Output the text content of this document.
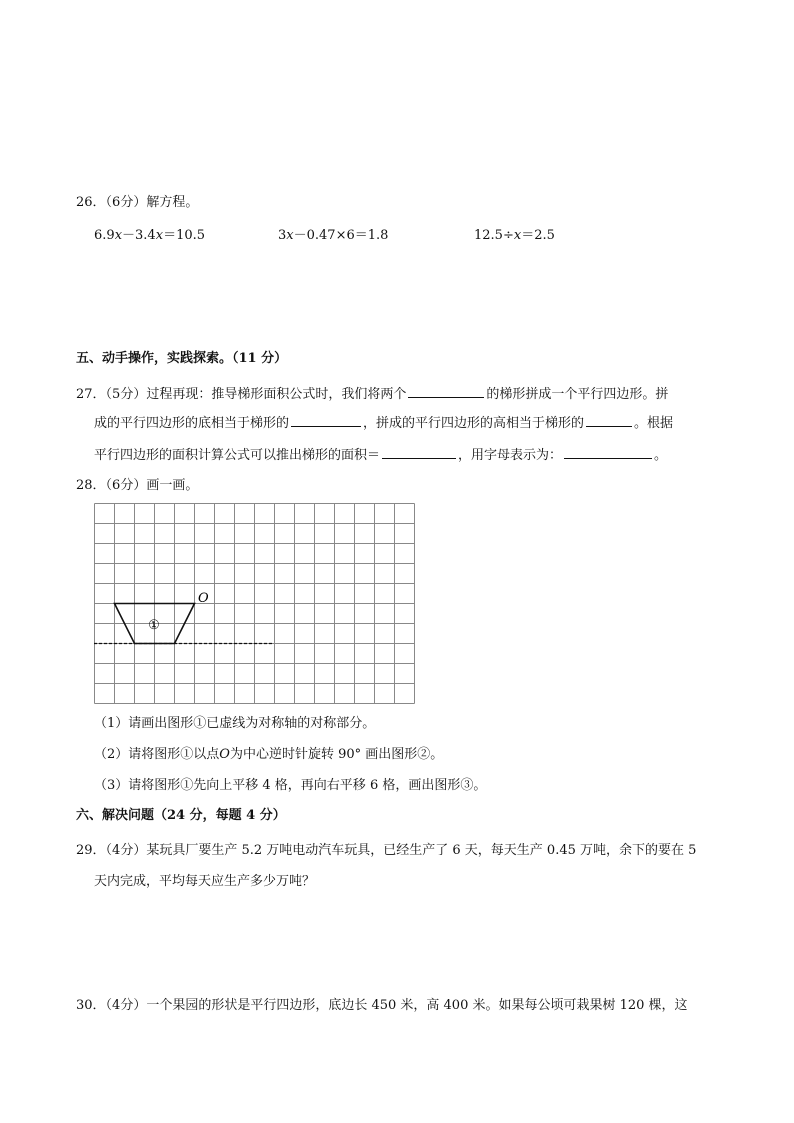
26．（6分）解方程。
6.9x－3.4x＝10.5	3x－0.47×6＝1.8	12.5÷x＝2.5
五、动手操作，实践探索。（11 分）
27．（5分）过程再现：推导梯形面积公式时，我们将两个	的梯形拼成一个平行四边形。拼
成的平行四边形的底相当于梯形的	，拼成的平行四边形的高相当于梯形的	。根据
平行四边形的面积计算公式可以推出梯形的面积＝	，用字母表示为：	。
28．（6分）画一画。
①
O
（1）请画出图形①已虚线为对称轴的对称部分。
（2）请将图形①以点O为中心逆时针旋转 90° 画出图形②。
（3）请将图形①先向上平移 4 格，再向右平移 6 格，画出图形③。
六、解决问题（24 分，每题 4 分）
29．（4分）某玩具厂要生产 5.2 万吨电动汽车玩具，已经生产了 6 天，每天生产 0.45 万吨，余下的要在 5
天内完成，平均每天应生产多少万吨？
30．（4分）一个果园的形状是平行四边形，底边长 450 米，高 400 米。如果每公顷可栽果树 120 棵，这
